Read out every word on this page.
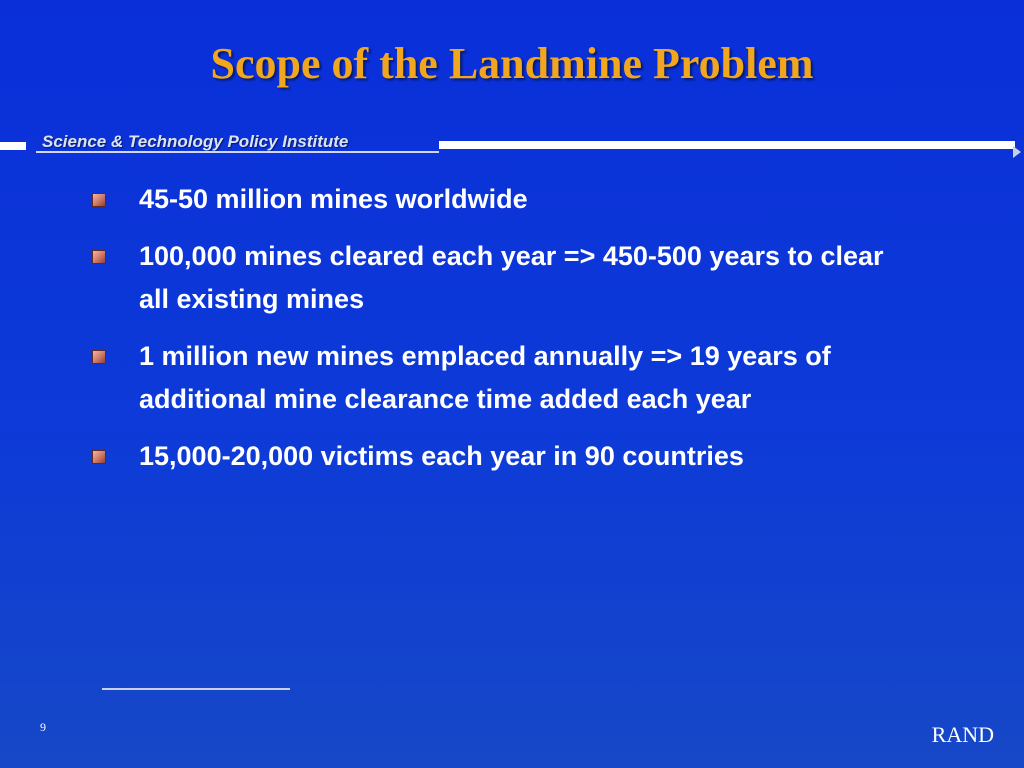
Scope of the Landmine Problem
Science & Technology Policy Institute
45-50 million mines worldwide
100,000 mines cleared each year => 450-500 years to clear all existing mines
1 million new mines emplaced annually => 19 years of additional mine clearance time added each year
15,000-20,000 victims each year in 90 countries
9	RAND
